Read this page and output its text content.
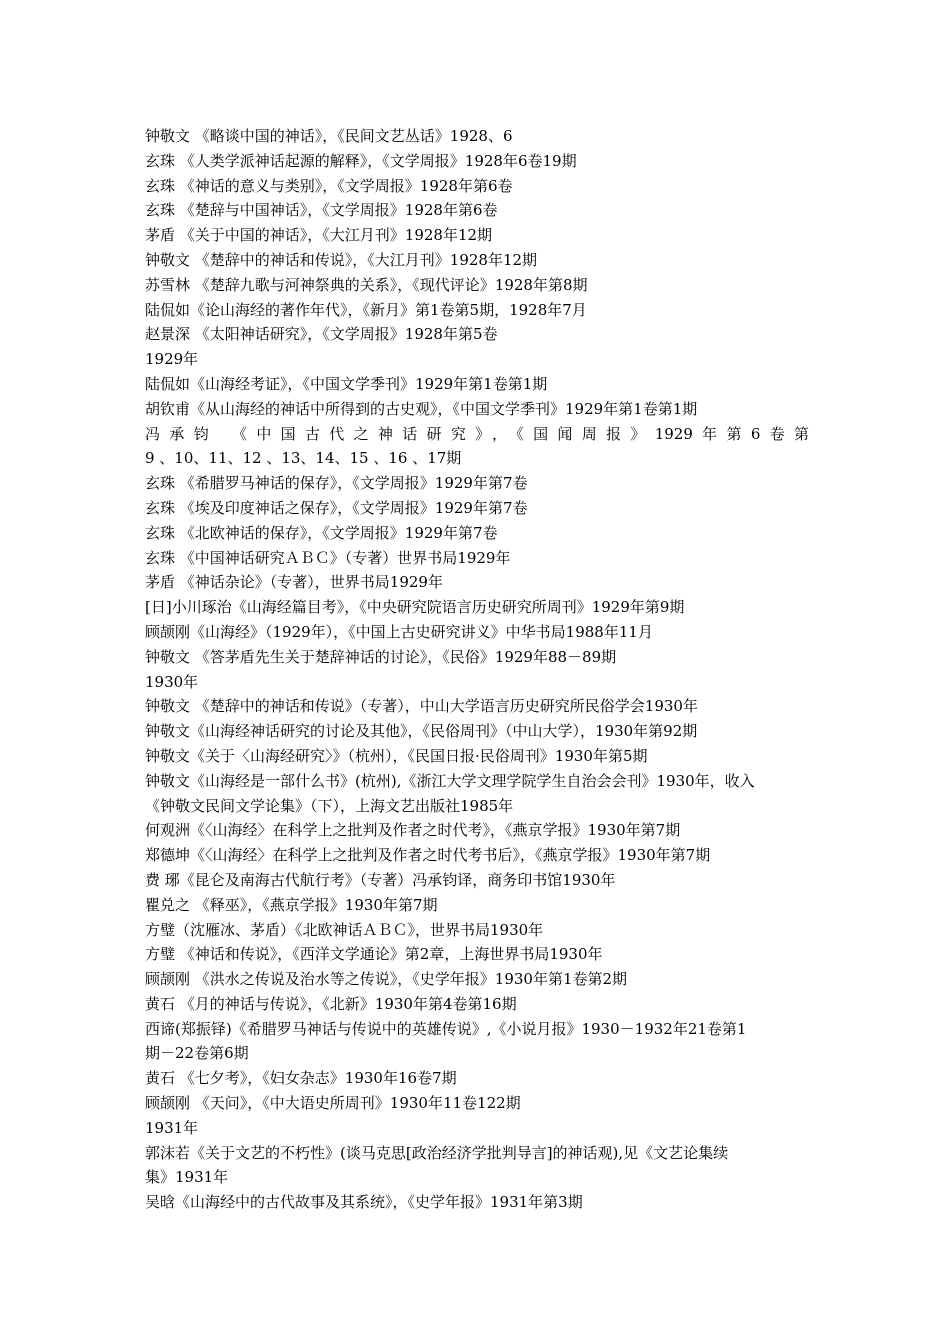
钟敬文 《略谈中国的神话》，《民间文艺丛话》1928、6
玄珠 《人类学派神话起源的解释》，《文学周报》1928年6卷19期
玄珠 《神话的意义与类别》，《文学周报》1928年第6卷
玄珠 《楚辞与中国神话》，《文学周报》1928年第6卷
茅盾 《关于中国的神话》，《大江月刊》1928年12期
钟敬文 《楚辞中的神话和传说》，《大江月刊》1928年12期
苏雪林 《楚辞九歌与河神祭典的关系》，《现代评论》1928年第8期
陆侃如《论山海经的著作年代》，《新月》第1卷第5期，1928年7月
赵景深 《太阳神话研究》，《文学周报》1928年第5卷
1929年
陆侃如《山海经考证》，《中国文学季刊》1929年第1卷第1期
胡钦甫《从山海经的神话中所得到的古史观》，《中国文学季刊》1929年第1卷第1期
冯承钧 《中国古代之神话研究》，《国闻周报》1929年第6卷第
9 、10、11、12 、13、14、15 、16 、17期
玄珠 《希腊罗马神话的保存》，《文学周报》1929年第7卷
玄珠 《埃及印度神话之保存》，《文学周报》1929年第7卷
玄珠 《北欧神话的保存》，《文学周报》1929年第7卷
玄珠 《中国神话研究ＡＢＣ》（专著）世界书局1929年
茅盾 《神话杂论》（专著），世界书局1929年
[日]小川琢治《山海经篇目考》，《中央研究院语言历史研究所周刊》1929年第9期
顾颉刚《山海经》（1929年），《中国上古史研究讲义》中华书局1988年11月
钟敬文 《答茅盾先生关于楚辞神话的讨论》，《民俗》1929年88－89期
1930年
钟敬文 《楚辞中的神话和传说》（专著），中山大学语言历史研究所民俗学会1930年
钟敬文《山海经神话研究的讨论及其他》，《民俗周刊》（中山大学），1930年第92期
钟敬文《关于〈山海经研究〉》（杭州），《民国日报·民俗周刊》1930年第5期
钟敬文《山海经是一部什么书》(杭州),《浙江大学文理学院学生自治会会刊》1930年，收入
《钟敬文民间文学论集》（下），上海文艺出版社1985年
何观洲《〈山海经〉在科学上之批判及作者之时代考》，《燕京学报》1930年第7期
郑德坤《〈山海经〉在科学上之批判及作者之时代考书后》，《燕京学报》1930年第7期
费 琊《昆仑及南海古代航行考》（专著）冯承钧译，商务印书馆1930年
瞿兑之 《释巫》，《燕京学报》1930年第7期
方璧（沈雁冰、茅盾）《北欧神话ＡＢＣ》，世界书局1930年
方璧 《神话和传说》，《西洋文学通论》第2章，上海世界书局1930年
顾颉刚 《洪水之传说及治水等之传说》，《史学年报》1930年第1卷第2期
黄石 《月的神话与传说》，《北新》1930年第4卷第16期
西谛(郑振铎)《希腊罗马神话与传说中的英雄传说》,《小说月报》1930－1932年21卷第1
期－22卷第6期
黄石 《七夕考》，《妇女杂志》1930年16卷7期
顾颉刚 《天问》，《中大语史所周刊》1930年11卷122期
1931年
郭沫若《关于文艺的不朽性》(谈马克思[政治经济学批判导言]的神话观),见《文艺论集续
集》1931年
吴晗《山海经中的古代故事及其系统》，《史学年报》1931年第3期
